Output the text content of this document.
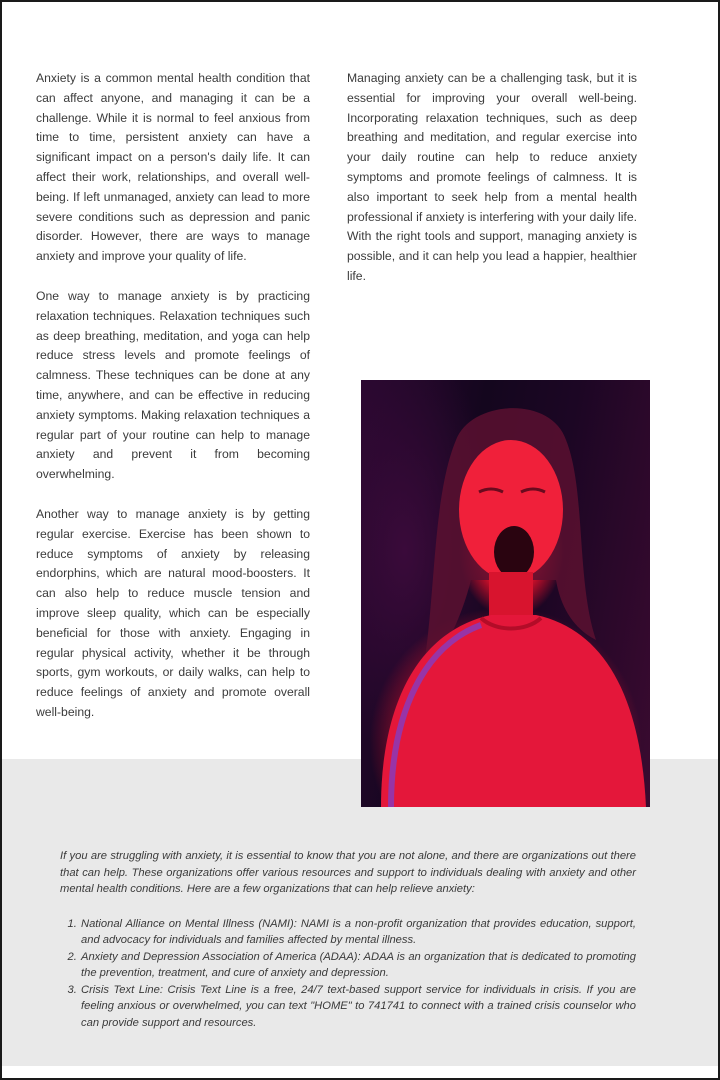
Anxiety is a common mental health condition that can affect anyone, and managing it can be a challenge. While it is normal to feel anxious from time to time, persistent anxiety can have a significant impact on a person's daily life. It can affect their work, relationships, and overall well-being. If left unmanaged, anxiety can lead to more severe conditions such as depression and panic disorder. However, there are ways to manage anxiety and improve your quality of life.

One way to manage anxiety is by practicing relaxation techniques. Relaxation techniques such as deep breathing, meditation, and yoga can help reduce stress levels and promote feelings of calmness. These techniques can be done at any time, anywhere, and can be effective in reducing anxiety symptoms. Making relaxation techniques a regular part of your routine can help to manage anxiety and prevent it from becoming overwhelming.

Another way to manage anxiety is by getting regular exercise. Exercise has been shown to reduce symptoms of anxiety by releasing endorphins, which are natural mood-boosters. It can also help to reduce muscle tension and improve sleep quality, which can be especially beneficial for those with anxiety. Engaging in regular physical activity, whether it be through sports, gym workouts, or daily walks, can help to reduce feelings of anxiety and promote overall well-being.

Managing anxiety can be a challenging task, but it is essential for improving your overall well-being. Incorporating relaxation techniques, such as deep breathing and meditation, and regular exercise into your daily routine can help to reduce anxiety symptoms and promote feelings of calmness. It is also important to seek help from a mental health professional if anxiety is interfering with your daily life. With the right tools and support, managing anxiety is possible, and it can help you lead a happier, healthier life.

If you are struggling with anxiety, it is essential to know that you are not alone, and there are organizations out there that can help. These organizations offer various resources and support to individuals dealing with anxiety and other mental health conditions. Here are a few organizations that can help relieve anxiety:

1. National Alliance on Mental Illness (NAMI): NAMI is a non-profit organization that provides education, support, and advocacy for individuals and families affected by mental illness.
2. Anxiety and Depression Association of America (ADAA): ADAA is an organization that is dedicated to promoting the prevention, treatment, and cure of anxiety and depression.
3. Crisis Text Line: Crisis Text Line is a free, 24/7 text-based support service for individuals in crisis. If you are feeling anxious or overwhelmed, you can text "HOME" to 741741 to connect with a trained crisis counselor who can provide support and resources.
